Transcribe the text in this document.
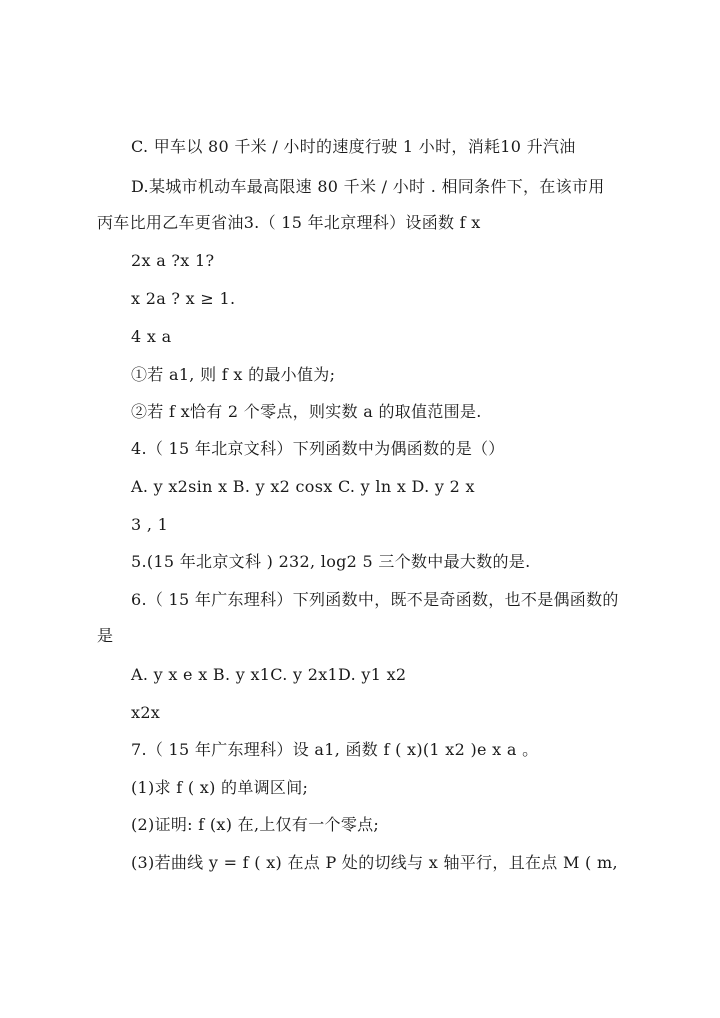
C. 甲车以 80 千米 / 小时的速度行驶 1 小时，消耗10 升汽油
D.某城市机动车最高限速 80 千米 / 小时 . 相同条件下，在该市用
丙车比用乙车更省油3.（ 15 年北京理科）设函数 f x
2x a ?x 1?
x 2a ? x ≥ 1.
4 x a
①若 a1, 则 f x 的最小值为;
②若 f x恰有 2 个零点，则实数 a 的取值范围是.
4.（ 15 年北京文科）下列函数中为偶函数的是（）
A. y x2sin x B. y x2 cosx C. y ln x D. y 2 x
3 , 1
5.(15 年北京文科 ) 232, log2 5 三个数中最大数的是.
6.（ 15 年广东理科）下列函数中，既不是奇函数，也不是偶函数的
是
A. y x e x B. y x1C. y 2x1D. y1 x2
x2x
7.（ 15 年广东理科）设 a1, 函数 f ( x)(1 x2 )e x a 。
(1)求 f ( x) 的单调区间;
(2)证明: f (x) 在,上仅有一个零点;
(3)若曲线 y = f ( x) 在点 P 处的切线与 x 轴平行，且在点 M ( m,
